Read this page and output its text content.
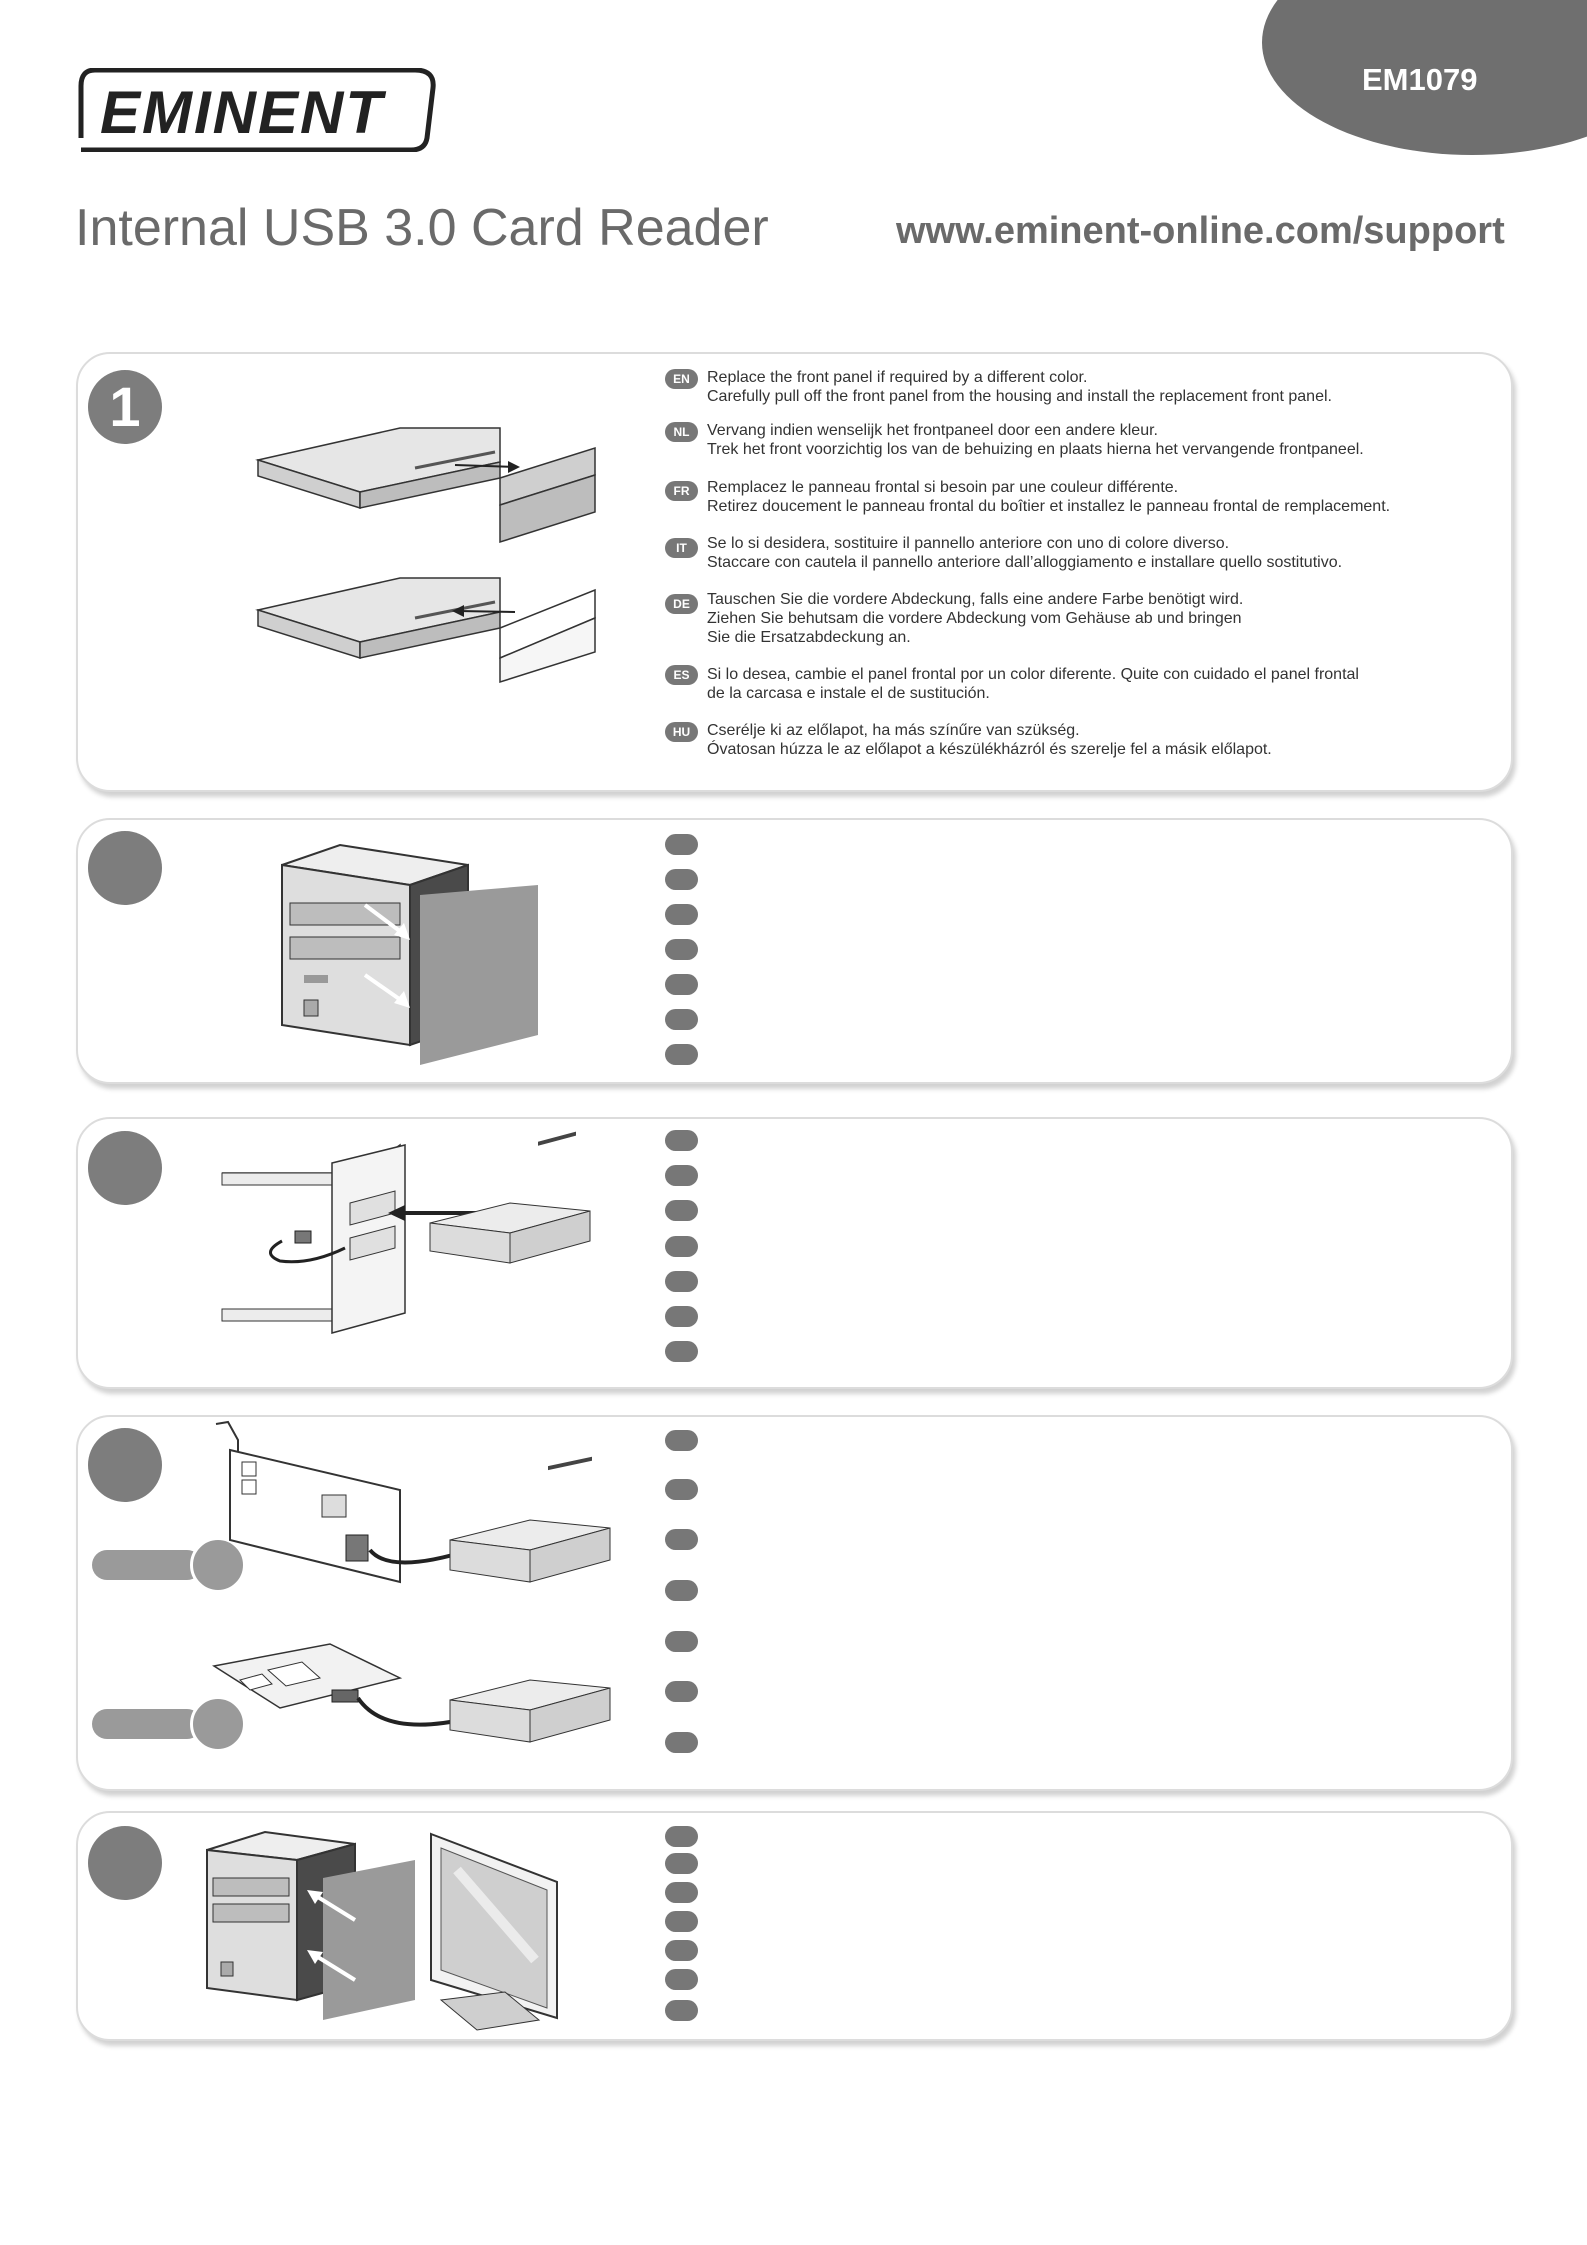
EM1079
EMINENT
Internal USB 3.0 Card Reader	www.eminent-online.com/support
1	EN	Replace the front panel if required by a different color.
Carefully pull off the front panel from the housing and install the replacement front panel.
NL	Vervang indien wenselijk het frontpaneel door een andere kleur.
Trek het front voorzichtig los van de behuizing en plaats hierna het vervangende frontpaneel.
FR	Remplacez le panneau frontal si besoin par une couleur différente.
Retirez doucement le panneau frontal du boîtier et installez le panneau frontal de remplacement.
IT	Se lo si desidera, sostituire il pannello anteriore con uno di colore diverso.
Staccare con cautela il pannello anteriore dall’alloggiamento e installare quello sostitutivo.
DE	Tauschen Sie die vordere Abdeckung, falls eine andere Farbe benötigt wird.
Ziehen Sie behutsam die vordere Abdeckung vom Gehäuse ab und bringen
Sie die Ersatzabdeckung an.
ES	Si lo desea, cambie el panel frontal por un color diferente. Quite con cuidado el panel frontal
de la carcasa e instale el de sustitución.
HU	Cserélje ki az előlapot, ha más színűre van szükség.
Óvatosan húzza le az előlapot a készülékházról és szerelje fel a másik előlapot.
